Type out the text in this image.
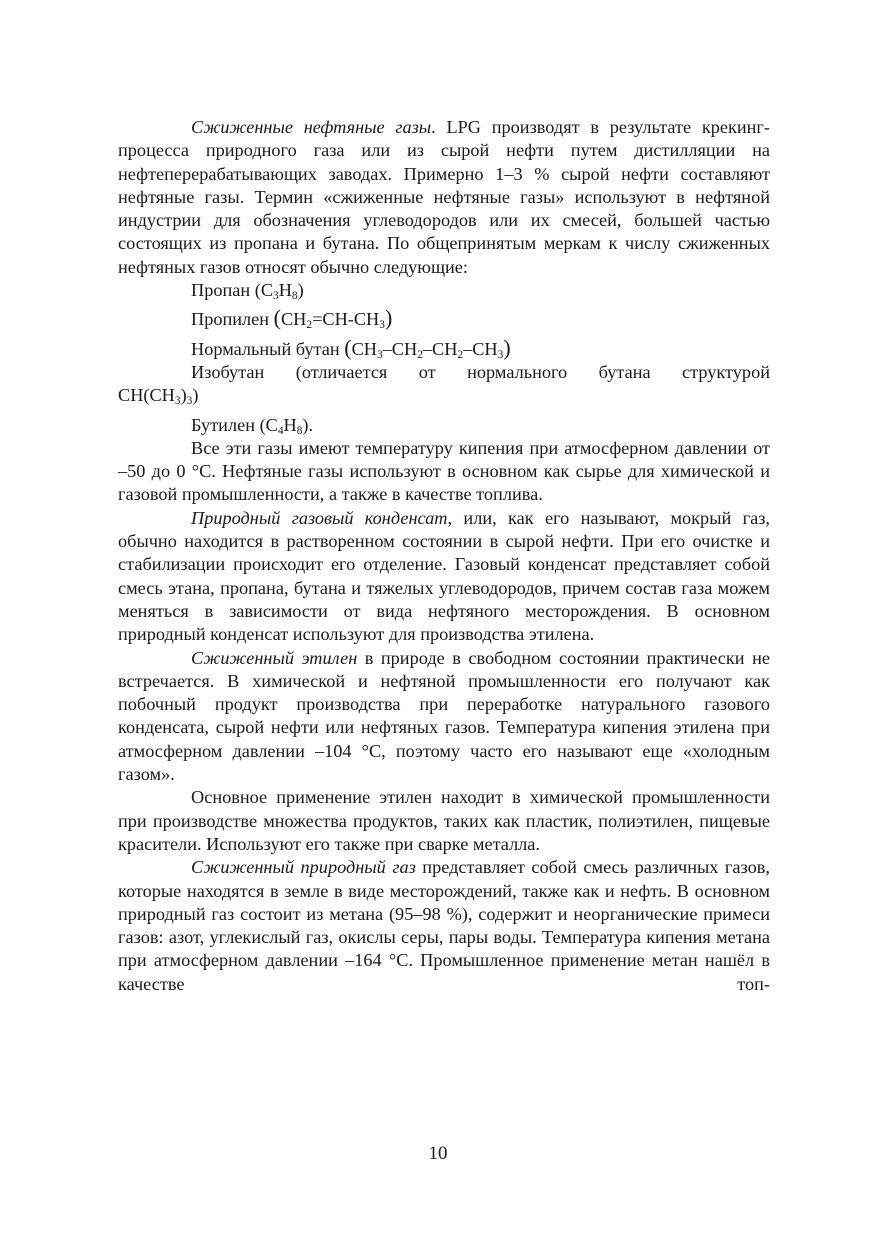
Сжиженные нефтяные газы. LPG производят в результате крекинг-процесса природного газа или из сырой нефти путем дистилляции на нефтеперерабатывающих заводах. Примерно 1–3 % сырой нефти составляют нефтяные газы. Термин «сжиженные нефтяные газы» используют в нефтяной индустрии для обозначения углеводородов или их смесей, большей частью состоящих из пропана и бутана. По общепринятым меркам к числу сжиженных нефтяных газов относят обычно следующие:

Пропан $(C_3H_8)$

Пропилен $(CH_2=CH-CH_3)$

Нормальный бутан $(CH_3-CH_2-CH_2-CH_3)$

Изобутан (отличается от нормального бутана структурой
$CH(CH_3)_3$)

Бутилен $(C_4H_8)$.

Все эти газы имеют температуру кипения при атмосферном давлении от –50 до 0 °С. Нефтяные газы используют в основном как сырье для химической и газовой промышленности, а также в качестве топлива.

Природный газовый конденсат, или, как его называют, мокрый газ, обычно находится в растворенном состоянии в сырой нефти. При его очистке и стабилизации происходит его отделение. Газовый конденсат представляет собой смесь этана, пропана, бутана и тяжелых углеводородов, причем состав газа можем меняться в зависимости от вида нефтяного месторождения. В основном природный конденсат используют для производства этилена.

Сжиженный этилен в природе в свободном состоянии практически не встречается. В химической и нефтяной промышленности его получают как побочный продукт производства при переработке натурального газового конденсата, сырой нефти или нефтяных газов. Температура кипения этилена при атмосферном давлении –104 °С, поэтому часто его называют еще «холодным газом».

Основное применение этилен находит в химической промышленности при производстве множества продуктов, таких как пластик, полиэтилен, пищевые красители. Используют его также при сварке металла.

Сжиженный природный газ представляет собой смесь различных газов, которые находятся в земле в виде месторождений, также как и нефть. В основном природный газ состоит из метана (95–98 %), содержит и неорганические примеси газов: азот, углекислый газ, окислы серы, пары воды. Температура кипения метана при атмосферном давлении –164 °С. Промышленное применение метан нашёл в качестве топ-

10
